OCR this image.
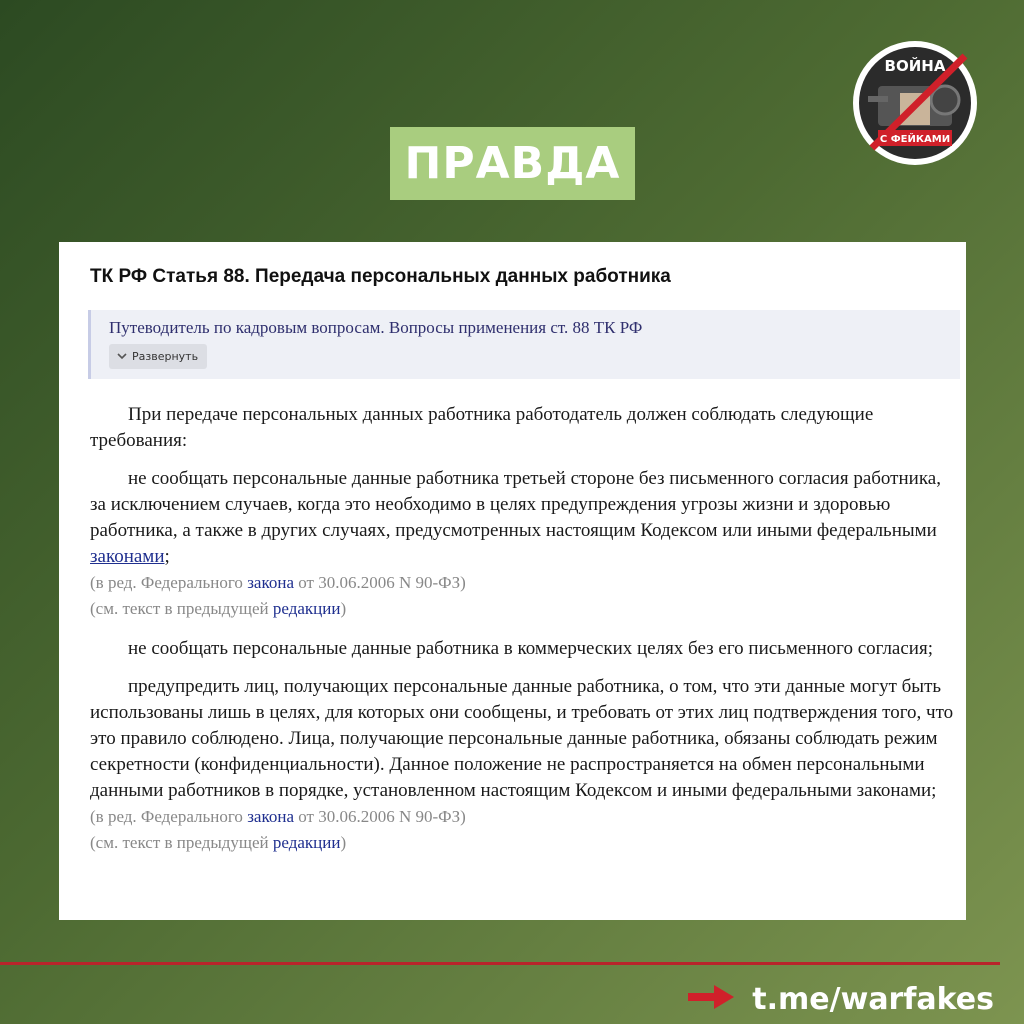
ПРАВДА
ВОЙНА
С ФЕЙКАМИ
ТК РФ Статья 88. Передача персональных данных работника
Путеводитель по кадровым вопросам. Вопросы применения ст. 88 ТК РФ
Развернуть

При передаче персональных данных работника работодатель должен соблюдать следующие требования:

не сообщать персональные данные работника третьей стороне без письменного согласия работника, за исключением случаев, когда это необходимо в целях предупреждения угрозы жизни и здоровью работника, а также в других случаях, предусмотренных настоящим Кодексом или иными федеральными законами;

(в ред. Федерального закона от 30.06.2006 N 90-ФЗ)

(см. текст в предыдущей редакции)

не сообщать персональные данные работника в коммерческих целях без его письменного согласия;

предупредить лиц, получающих персональные данные работника, о том, что эти данные могут быть использованы лишь в целях, для которых они сообщены, и требовать от этих лиц подтверждения того, что это правило соблюдено. Лица, получающие персональные данные работника, обязаны соблюдать режим секретности (конфиденциальности). Данное положение не распространяется на обмен персональными данными работников в порядке, установленном настоящим Кодексом и иными федеральными законами;

(в ред. Федерального закона от 30.06.2006 N 90-ФЗ)

(см. текст в предыдущей редакции)

t.me/warfakes
